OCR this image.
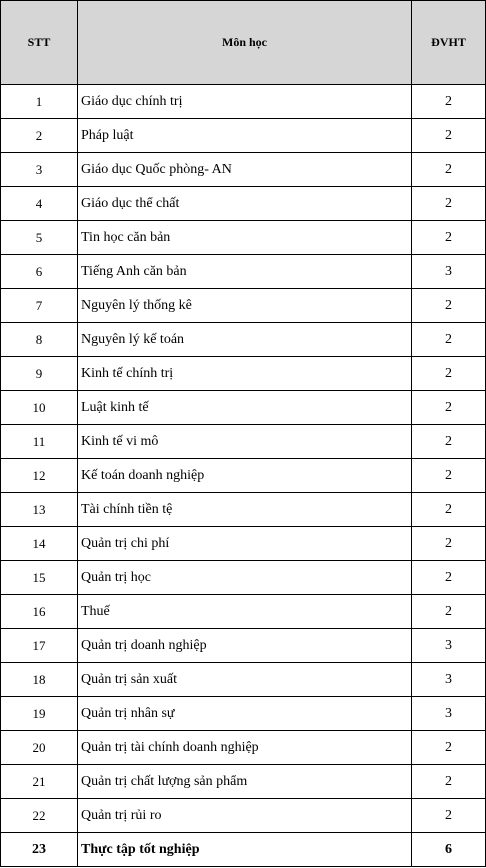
STT	Môn học	ĐVHT
1	Giáo dục chính trị	2
2	Pháp luật	2
3	Giáo dục Quốc phòng- AN	2
4	Giáo dục thể chất	2
5	Tin học căn bản	2
6	Tiếng Anh căn bản	3
7	Nguyên lý thống kê	2
8	Nguyên lý kế toán	2
9	Kinh tế chính trị	2
10	Luật kinh tế	2
11	Kinh tế vi mô	2
12	Kế toán doanh nghiệp	2
13	Tài chính tiền tệ	2
14	Quản trị chi phí	2
15	Quản trị học	2
16	Thuế	2
17	Quản trị doanh nghiệp	3
18	Quản trị sản xuất	3
19	Quản trị nhân sự	3
20	Quản trị tài chính doanh nghiệp	2
21	Quản trị chất lượng sản phẩm	2
22	Quản trị rủi ro	2
23	Thực tập tốt nghiệp	6
